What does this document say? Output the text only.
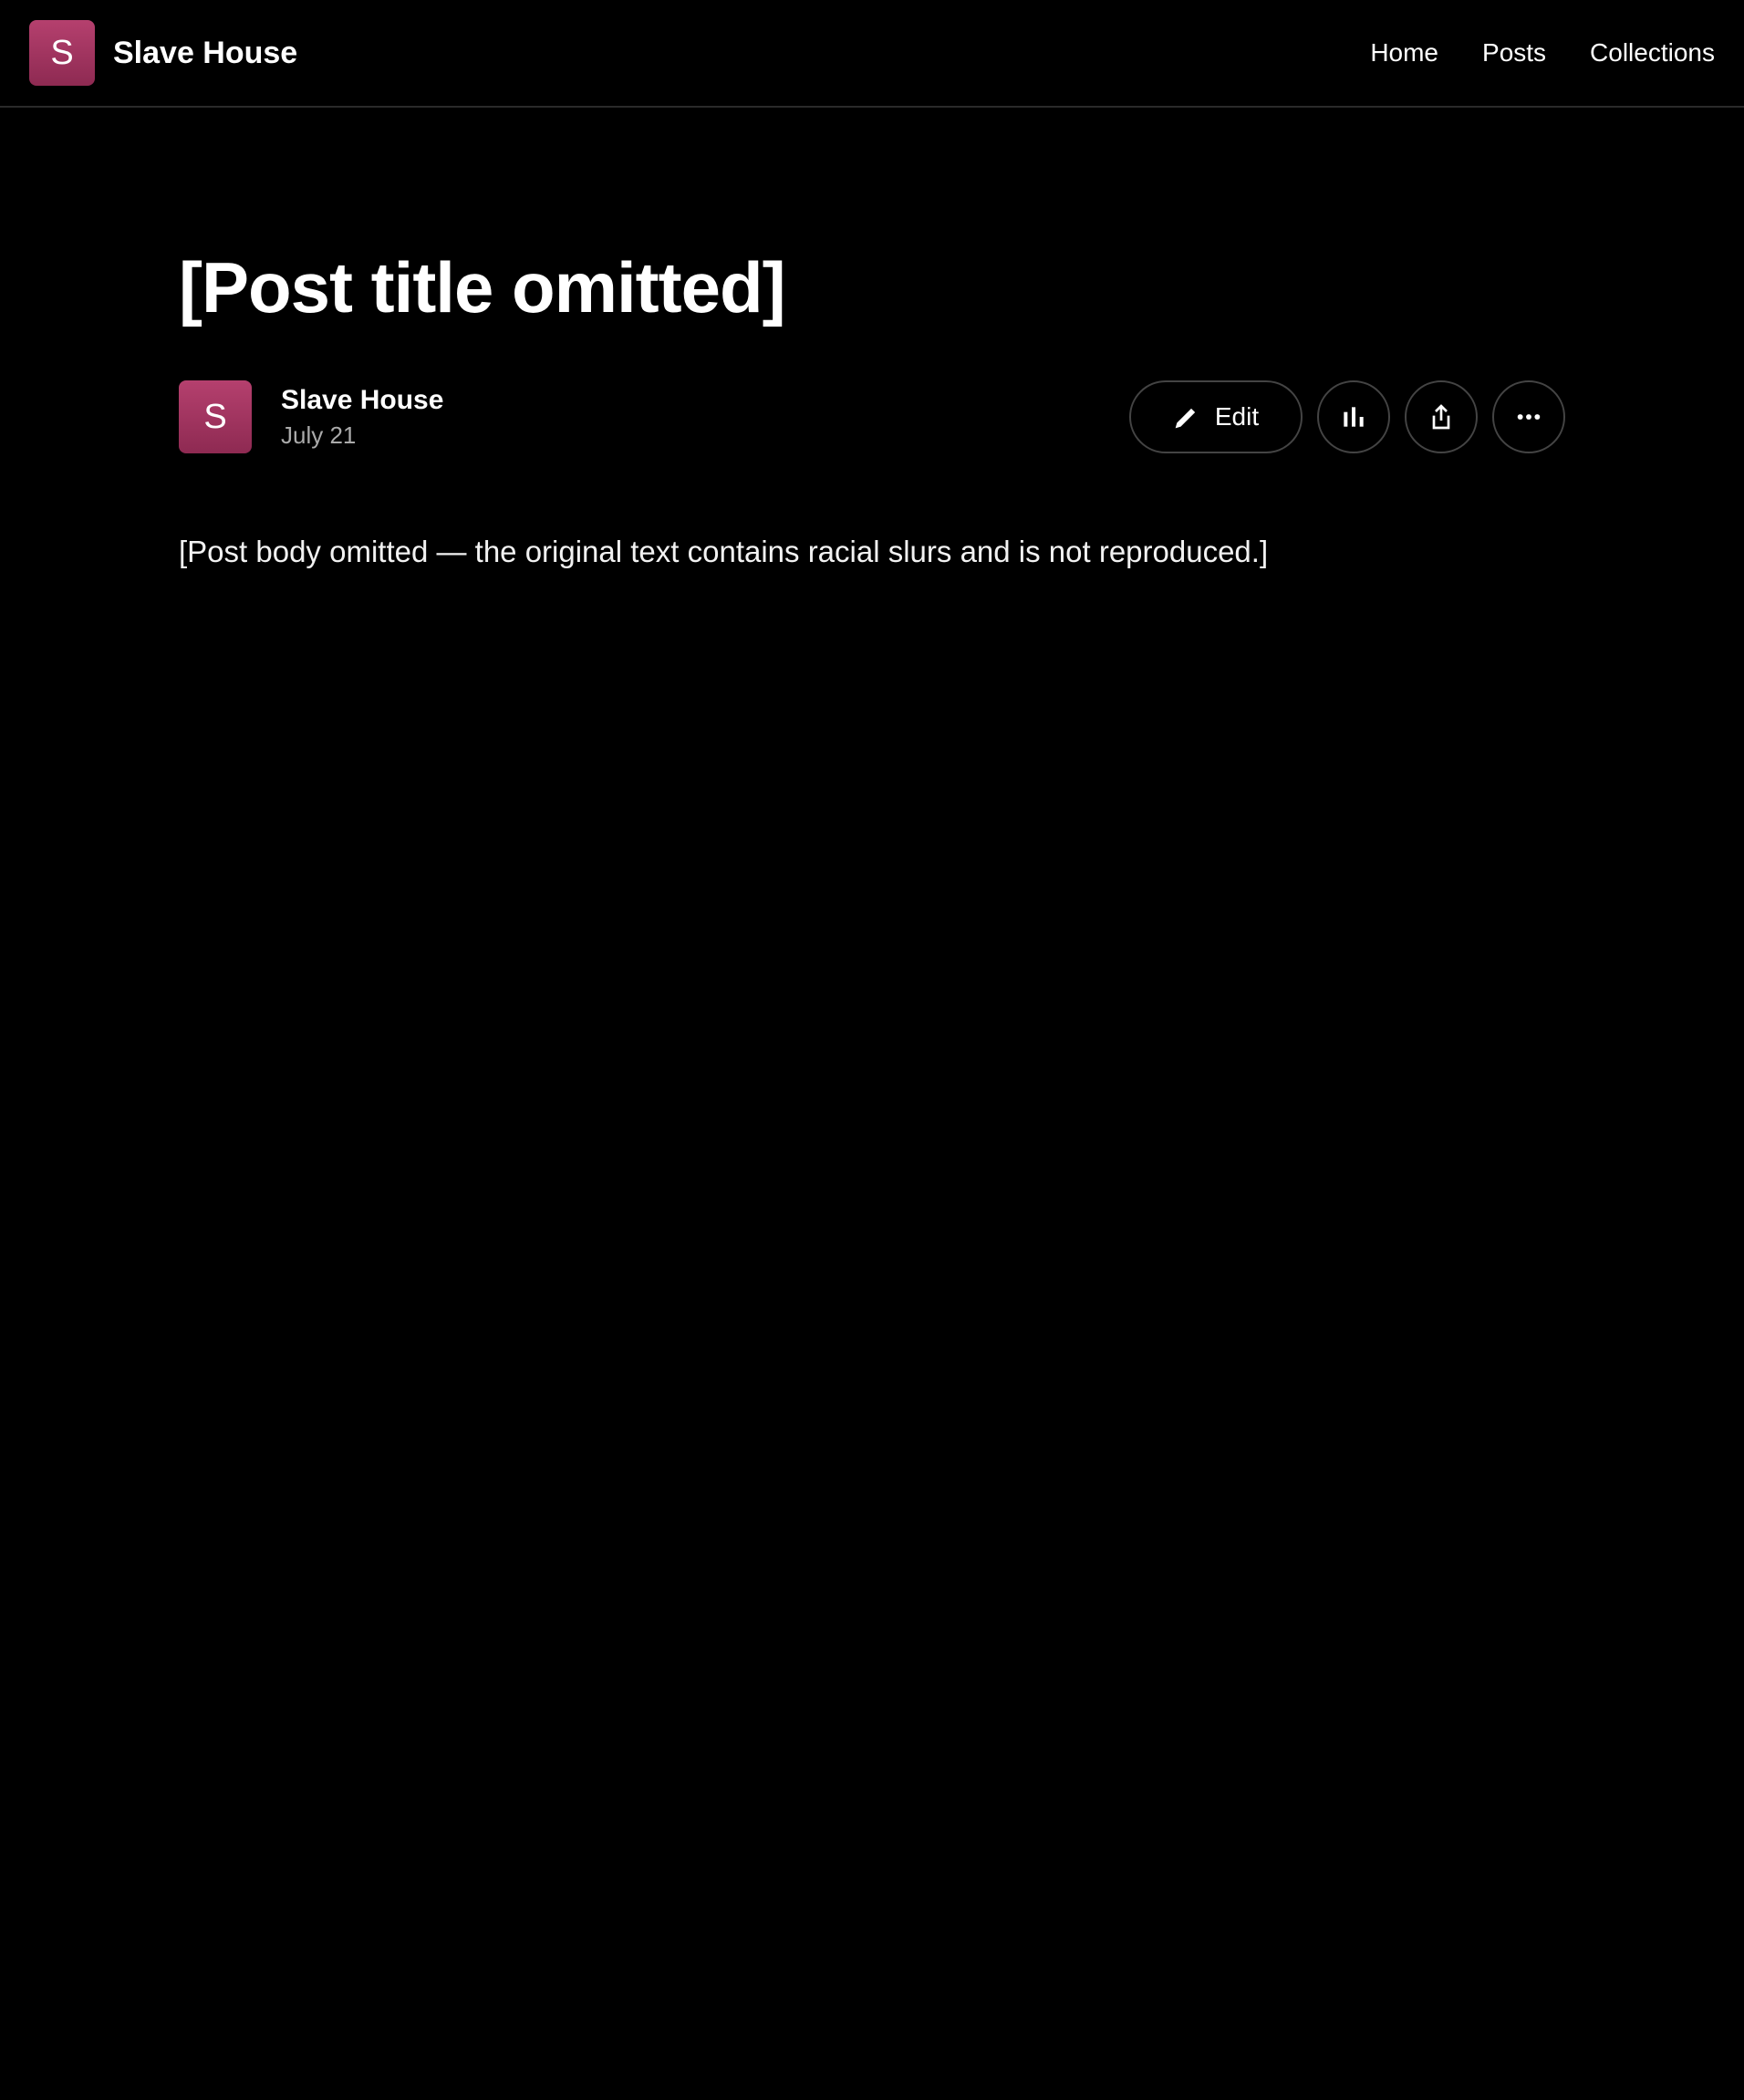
S	Slave House	Home Posts Collections
[Post title omitted]
S	Slave House
July 21
Edit

[Post body omitted — the original text contains racial slurs and is not reproduced.]
